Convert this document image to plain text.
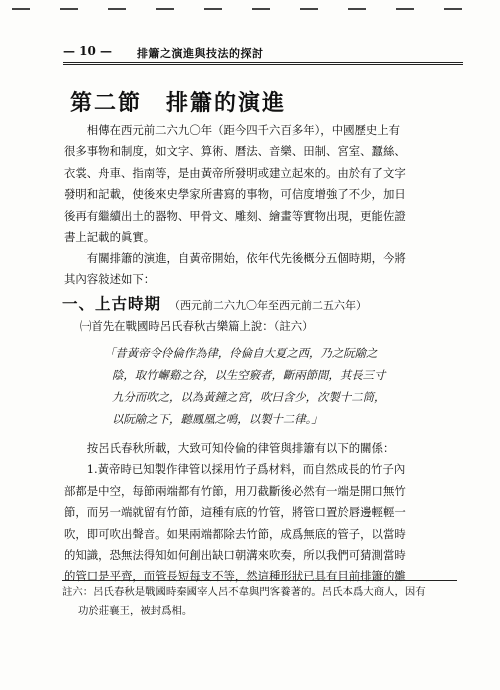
— 10 — 排簫之演進與技法的探討
第二節　排簫的演進

相傳在西元前二六九〇年（距今四千六百多年），中國歷史上有

很多事物和制度，如文字、算術、曆法、音樂、田制、宮室、蠶絲、
衣裳、舟車、指南等，是由黃帝所發明或建立起來的。由於有了文字
發明和記載，使後來史學家所書寫的事物，可信度增強了不少，加日
後再有繼續出土的器物、甲骨文、雕刻、繪畫等實物出現，更能佐證
書上記載的眞實。

有關排簫的演進，自黃帝開始，依年代先後概分五個時期，今將

其內容敍述如下：
一、上古時期 （西元前二六九〇年至西元前二五六年）
㈠首先在戰國時呂氏春秋古樂篇上說：（註六）
「昔黃帝令伶倫作為律，伶倫自大夏之西，乃之阮隃之
陰，取竹嶰谿之谷，以生空竅者，斷兩節間，其長三寸
九分而吹之，以為黃鐘之宮，吹曰含少，次製十二筒，
以阮隃之下，聽鳳凰之鳴，以製十二律。」

按呂氏春秋所載，大致可知伶倫的律管與排簫有以下的關係：

1.黃帝時已知製作律管以採用竹子爲材料，而自然成長的竹子內

部都是中空，每節兩端都有竹節，用刀截斷後必然有一端是開口無竹
節，而另一端就留有竹節，這種有底的竹管，將管口置於唇邊輕輕一
吹，即可吹出聲音。如果兩端都除去竹節，成爲無底的管子，以當時
的知識，恐無法得知如何創出缺口朝溝來吹奏，所以我們可猜測當時
的管口是平齊，而管長短每支不等，然這種形狀已具有目前排簫的雛
註六：呂氏春秋是戰國時秦國宰人呂不韋與門客養著的。呂氏本爲大商人，因有
功於莊襄王，被封爲相。
